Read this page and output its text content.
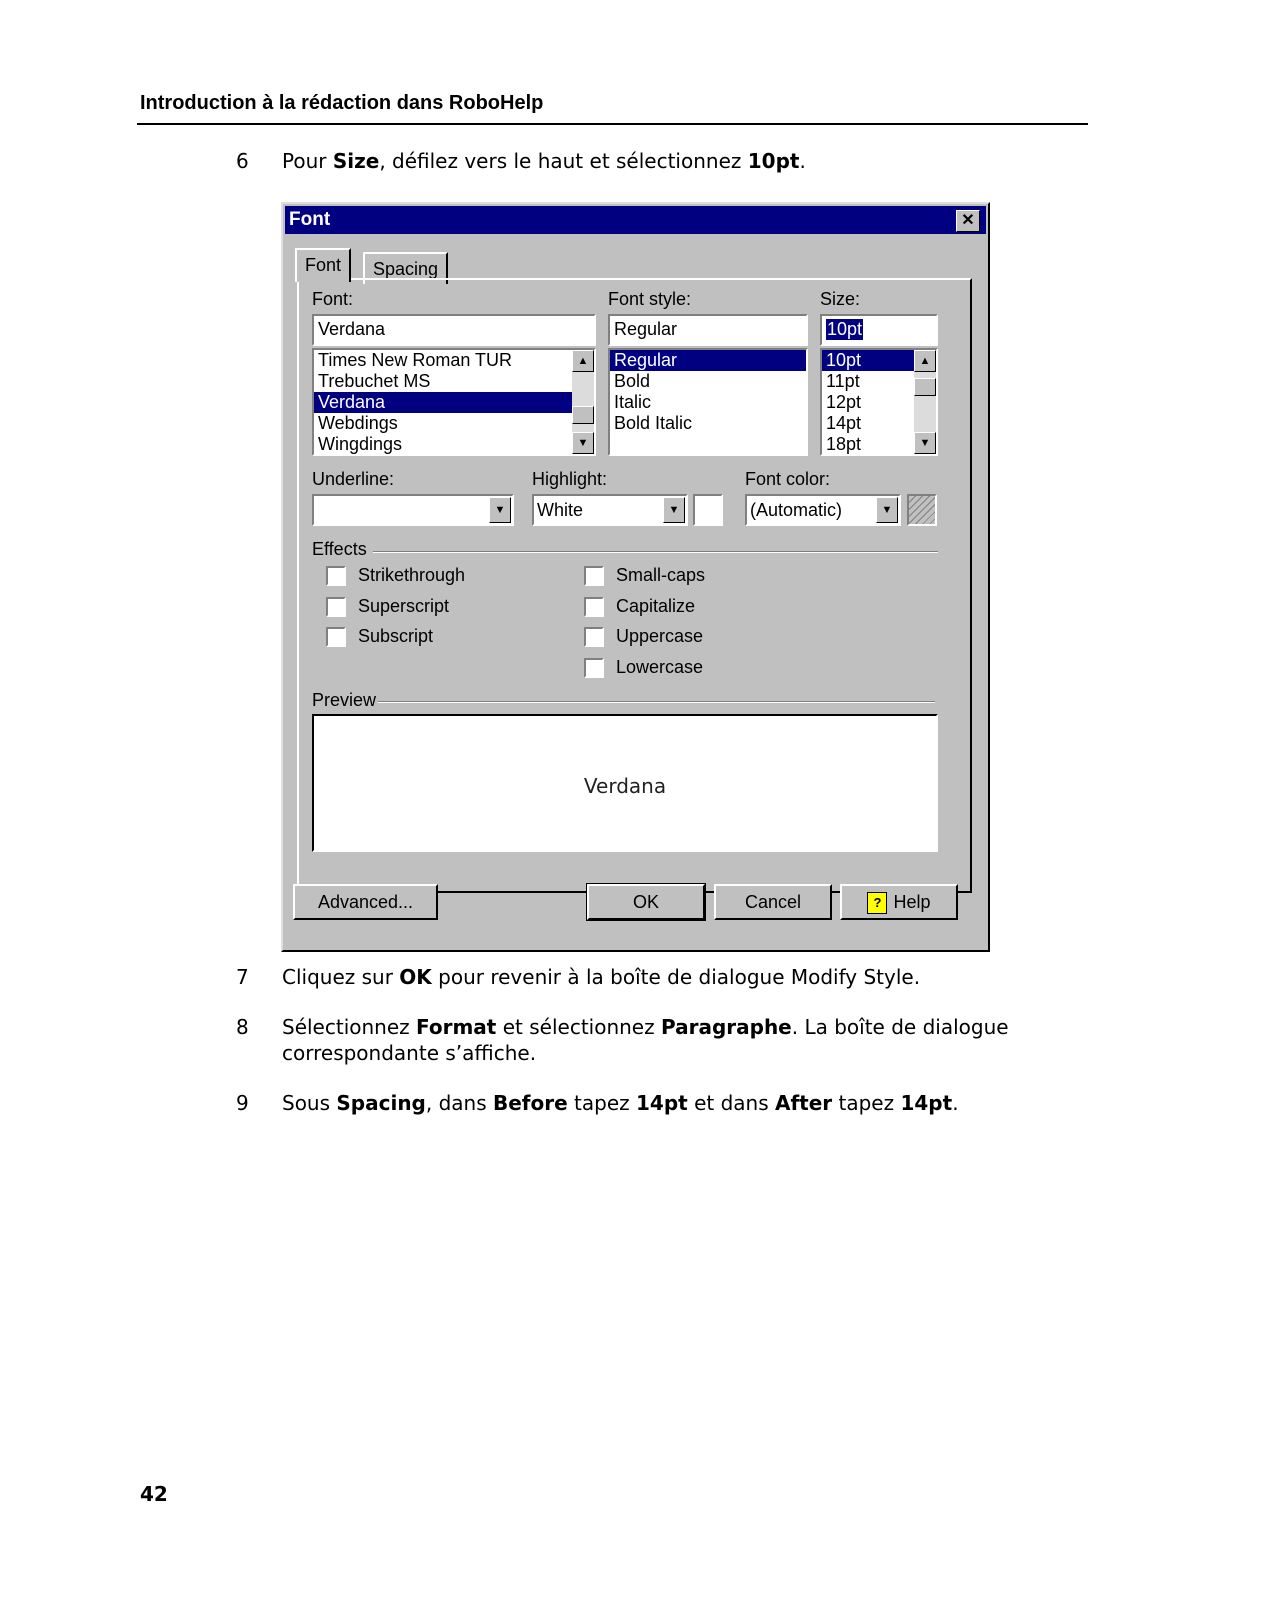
Introduction à la rédaction dans RoboHelp
6 Pour Size, défilez vers le haut et sélectionnez 10pt.
Font	✕
Font	Spacing
Font:
Verdana
Times New Roman TUR
Trebuchet MS
Verdana
Webdings
Wingdings
▲
▼
Font style:
Regular
Regular
Bold
Italic
Bold Italic
Size:
10pt
10pt
11pt
12pt
14pt
18pt
▲
▼
Underline:
▼
Highlight:
White	▼
Font color:
(Automatic)	▼
Effects
Strikethrough
Superscript
Subscript
Small-caps
Capitalize
Uppercase
Lowercase
Preview
Verdana
Advanced...	OK	Cancel	? Help
7 Cliquez sur OK pour revenir à la boîte de dialogue Modify Style.
8 Sélectionnez Format et sélectionnez Paragraphe. La boîte de dialogue correspondante s’affiche.
9 Sous Spacing, dans Before tapez 14pt et dans After tapez 14pt.
42
